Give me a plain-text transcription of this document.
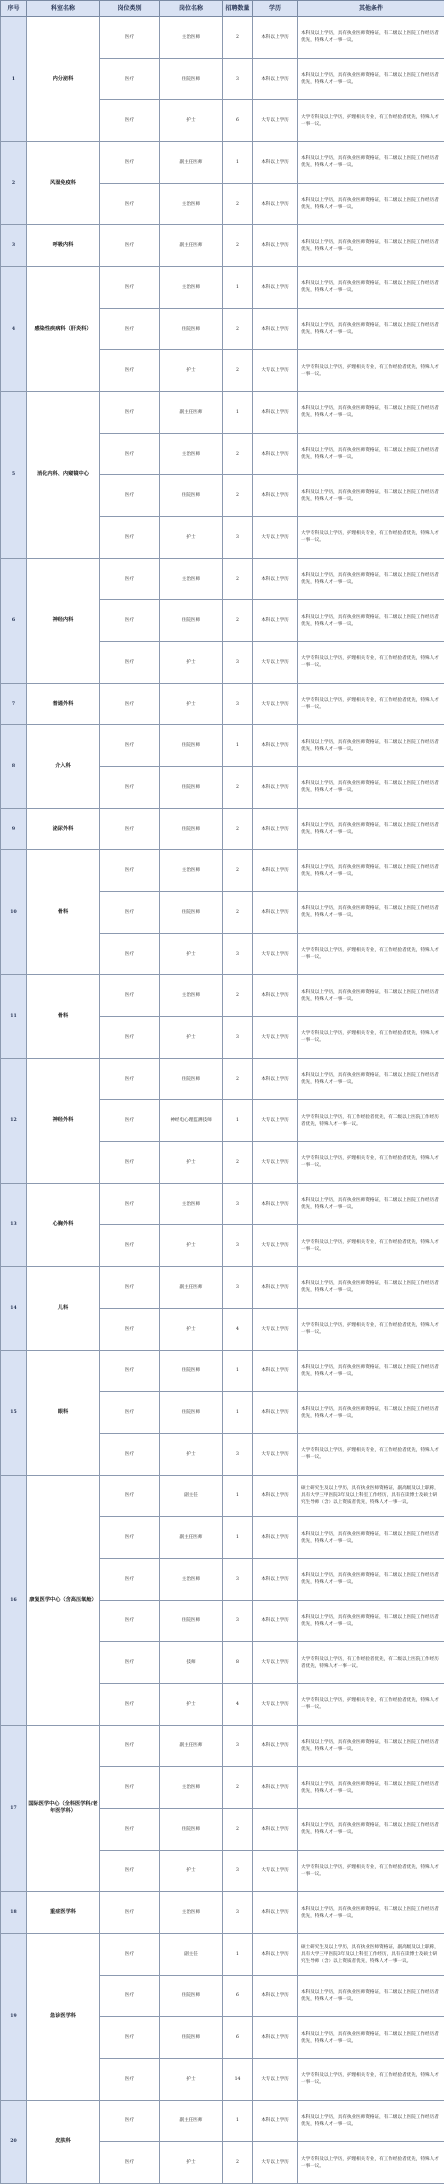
序号	科室名称	岗位类别	岗位名称	招聘数量	学历	其他条件
1	内分泌科	医疗	主治医师	2	本科以上学历	本科及以上学历，具有执业医师资格证，有二级以上医院工作经历者优先，特殊人才一事一议。
		医疗	住院医师	3	本科以上学历	本科及以上学历，具有执业医师资格证，有二级以上医院工作经历者优先，特殊人才一事一议。
		医疗	护士	6	大专以上学历	大学专科及以上学历，护理相关专业，有工作经验者优先，特殊人才一事一议。
2	风湿免疫科	医疗	副主任医师	1	本科以上学历	本科及以上学历，具有执业医师资格证，有二级以上医院工作经历者优先，特殊人才一事一议。
		医疗	主治医师	2	本科以上学历	本科及以上学历，具有执业医师资格证，有二级以上医院工作经历者优先，特殊人才一事一议。
3	呼吸内科	医疗	副主任医师	2	本科以上学历	本科及以上学历，具有执业医师资格证，有二级以上医院工作经历者优先，特殊人才一事一议。
4	感染性疾病科（肝炎科）	医疗	主治医师	1	本科以上学历	本科及以上学历，具有执业医师资格证，有二级以上医院工作经历者优先，特殊人才一事一议。
		医疗	住院医师	2	本科以上学历	本科及以上学历，具有执业医师资格证，有二级以上医院工作经历者优先，特殊人才一事一议。
		医疗	护士	2	大专以上学历	大学专科及以上学历，护理相关专业，有工作经验者优先，特殊人才一事一议。
5	消化内科、内窥镜中心	医疗	副主任医师	1	本科以上学历	本科及以上学历，具有执业医师资格证，有二级以上医院工作经历者优先，特殊人才一事一议。
		医疗	主治医师	2	本科以上学历	本科及以上学历，具有执业医师资格证，有二级以上医院工作经历者优先，特殊人才一事一议。
		医疗	住院医师	2	本科以上学历	本科及以上学历，具有执业医师资格证，有二级以上医院工作经历者优先，特殊人才一事一议。
		医疗	护士	3	大专以上学历	大学专科及以上学历，护理相关专业，有工作经验者优先，特殊人才一事一议。
6	神经内科	医疗	主治医师	2	本科以上学历	本科及以上学历，具有执业医师资格证，有二级以上医院工作经历者优先，特殊人才一事一议。
		医疗	住院医师	2	本科以上学历	本科及以上学历，具有执业医师资格证，有二级以上医院工作经历者优先，特殊人才一事一议。
		医疗	护士	3	大专以上学历	大学专科及以上学历，护理相关专业，有工作经验者优先，特殊人才一事一议。
7	普通外科	医疗	护士	3	大专以上学历	大学专科及以上学历，护理相关专业，有工作经验者优先，特殊人才一事一议。
8	介入科	医疗	住院医师	1	本科以上学历	本科及以上学历，具有执业医师资格证，有二级以上医院工作经历者优先，特殊人才一事一议。
		医疗	住院医师	2	本科以上学历	本科及以上学历，具有执业医师资格证，有二级以上医院工作经历者优先，特殊人才一事一议。
9	泌尿外科	医疗	住院医师	2	本科以上学历	本科及以上学历，具有执业医师资格证，有二级以上医院工作经历者优先，特殊人才一事一议。
10	骨科	医疗	主治医师	2	本科以上学历	本科及以上学历，具有执业医师资格证，有二级以上医院工作经历者优先，特殊人才一事一议。
		医疗	住院医师	2	本科以上学历	本科及以上学历，具有执业医师资格证，有二级以上医院工作经历者优先，特殊人才一事一议。
		医疗	护士	3	大专以上学历	大学专科及以上学历，护理相关专业，有工作经验者优先，特殊人才一事一议。
11	骨科	医疗	主治医师	2	本科以上学历	本科及以上学历，具有执业医师资格证，有二级以上医院工作经历者优先，特殊人才一事一议。
		医疗	护士	3	大专以上学历	大学专科及以上学历，护理相关专业，有工作经验者优先，特殊人才一事一议。
12	神经外科	医疗	住院医师	2	本科以上学历	本科及以上学历，具有执业医师资格证，有二级以上医院工作经历者优先，特殊人才一事一议。
		医疗	神经电心理监测技师	1	大专以上学历	大学专科及以上学历，有工作经验者优先，有二级以上医院工作经历者优先，特殊人才一事一议。
		医疗	护士	2	大专以上学历	大学专科及以上学历，护理相关专业，有工作经验者优先，特殊人才一事一议。
13	心胸外科	医疗	主治医师	3	本科以上学历	本科及以上学历，具有执业医师资格证，有二级以上医院工作经历者优先，特殊人才一事一议。
		医疗	护士	3	大专以上学历	大学专科及以上学历，护理相关专业，有工作经验者优先，特殊人才一事一议。
14	儿科	医疗	副主任医师	3	本科以上学历	本科及以上学历，具有执业医师资格证，有二级以上医院工作经历者优先，特殊人才一事一议。
		医疗	护士	4	大专以上学历	大学专科及以上学历，护理相关专业，有工作经验者优先，特殊人才一事一议。
15	眼科	医疗	住院医师	1	本科以上学历	本科及以上学历，具有执业医师资格证，有二级以上医院工作经历者优先，特殊人才一事一议。
		医疗	住院医师	1	本科以上学历	本科及以上学历，具有执业医师资格证，有二级以上医院工作经历者优先，特殊人才一事一议。
		医疗	护士	3	大专以上学历	大学专科及以上学历，护理相关专业，有工作经验者优先，特殊人才一事一议。
16	康复医学中心（含高压氧舱）	医疗	副主任	1	本科以上学历	硕士研究生及以上学历，具有执业医师资格证，副高级及以上职称，具有大学三甲医院3年及以上科室工作经历，具有在读博士及硕士研究生导师（含）以上资质者优先，特殊人才一事一议。
		医疗	副主任医师	1	本科以上学历	本科及以上学历，具有执业医师资格证，有二级以上医院工作经历者优先，特殊人才一事一议。
		医疗	主治医师	3	本科以上学历	本科及以上学历，具有执业医师资格证，有二级以上医院工作经历者优先，特殊人才一事一议。
		医疗	住院医师	3	本科以上学历	本科及以上学历，具有执业医师资格证，有二级以上医院工作经历者优先，特殊人才一事一议。
		医疗	技师	8	大专以上学历	大学专科及以上学历，有工作经验者优先，有二级以上医院工作经历者优先，特殊人才一事一议。
		医疗	护士	4	大专以上学历	大学专科及以上学历，护理相关专业，有工作经验者优先，特殊人才一事一议。
17	国际医学中心（全科医学科/老年医学科）	医疗	副主任医师	3	本科以上学历	本科及以上学历，具有执业医师资格证，有二级以上医院工作经历者优先，特殊人才一事一议。
		医疗	主治医师	2	本科以上学历	本科及以上学历，具有执业医师资格证，有二级以上医院工作经历者优先，特殊人才一事一议。
		医疗	住院医师	2	本科以上学历	本科及以上学历，具有执业医师资格证，有二级以上医院工作经历者优先，特殊人才一事一议。
		医疗	护士	3	大专以上学历	大学专科及以上学历，护理相关专业，有工作经验者优先，特殊人才一事一议。
18	重症医学科	医疗	主治医师	3	本科以上学历	本科及以上学历，具有执业医师资格证，有二级以上医院工作经历者优先，特殊人才一事一议。
19	急诊医学科	医疗	副主任	1	本科以上学历	硕士研究生及以上学历，具有执业医师资格证，副高级及以上职称，具有大学三甲医院3年及以上科室工作经历，具有在读博士及硕士研究生导师（含）以上资质者优先，特殊人才一事一议。
		医疗	住院医师	6	本科以上学历	本科及以上学历，具有执业医师资格证，有二级以上医院工作经历者优先，特殊人才一事一议。
		医疗	住院医师	6	本科以上学历	本科及以上学历，具有执业医师资格证，有二级以上医院工作经历者优先，特殊人才一事一议。
		医疗	护士	14	大专以上学历	大学专科及以上学历，护理相关专业，有工作经验者优先，特殊人才一事一议。
20	皮肤科	医疗	副主任医师	1	本科以上学历	本科及以上学历，具有执业医师资格证，有二级以上医院工作经历者优先，特殊人才一事一议。
		医疗	护士	2	大专以上学历	大学专科及以上学历，护理相关专业，有工作经验者优先，特殊人才一事一议。
